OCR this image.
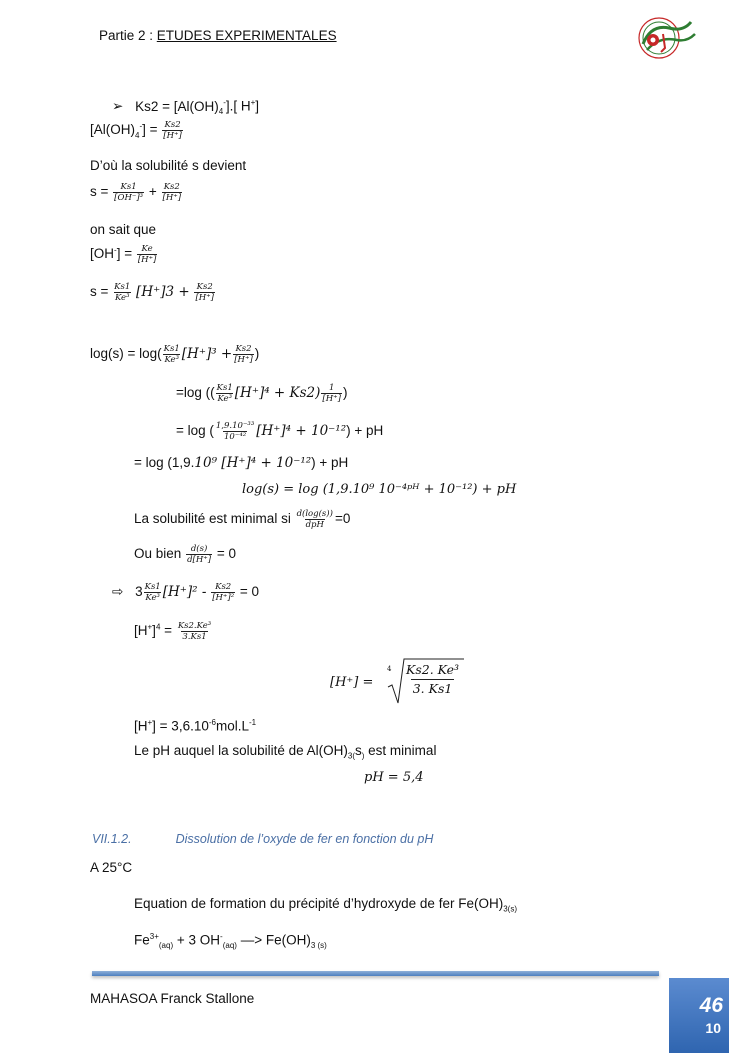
Partie 2 : ETUDES EXPERIMENTALES
➢ $Ks2 = [Al(OH)_4^-]$.[ H+]
$[Al(OH)_4^-] = \frac{Ks2}{[H^+]}$
D’où la solubilité s devient
$s = \frac{Ks1}{\text{[OH⁻]³}} + \frac{Ks2}{[H^+]}$
on sait que
$[OH^-] = \frac{Ke}{[H^+]}$
$s = \frac{Ks1}{\text{Ke³}} [H^+]3 + \frac{Ks2}{[H^+]}$
$\log(s) = \log( \frac{Ks1}{\text{Ke³}} [H^+]^3 + \frac{Ks2}{[H^+]}$ )
=log (( $\frac{Ks1}{\text{Ke³}} [H^+]^4 + Ks2) \frac{1}{[H^+]}$ )
= log ( $\frac{\text{1,9.10⁻³³}}{\text{10⁻⁴²}} [H^+]^4 + 10^{-12}$) + pH
= log (1,9.10⁹ [H⁺]⁴ + 10⁻¹²) + pH
log(s) = log (1,9.10⁹ 10⁻⁴ᵖᴴ + 10⁻¹²) + pH
La solubilité est minimal si $\frac{d(\log(s))}{\text{dpH}} =0$
Ou bien $\frac{d(s)}{d[H^+]} = 0$
⇨ $3 \frac{Ks1}{\text{Ke³}} [H^+]^2 - \frac{Ks2}{\text{[H⁺]²}} = 0$
$[H^+]^4 = \frac{\text{Ks2.Ke³}}{3.Ks1}$
[H⁺] =
$4 \frac{\text{Ks2. Ke³}}{3. Ks1}$
$[H^+] = 3,6.10^{-6}mol.L^{-1}$
Le pH auquel la solubilité de $Al(OH)_{3(}s_)$ est minimal
pH = 5,4
VII.1.2.	Dissolution de l’oxyde de fer en fonction du pH
A 25°C
Equation de formation du précipité d’hydroxyde de fer $Fe(OH)_{3(s)}$
$Fe^{3+}_{(aq)} + 3$ $OH^-_{(aq)}$ —> $Fe(OH)_{3 (s)}$
MAHASOA Franck Stallone	46
10
